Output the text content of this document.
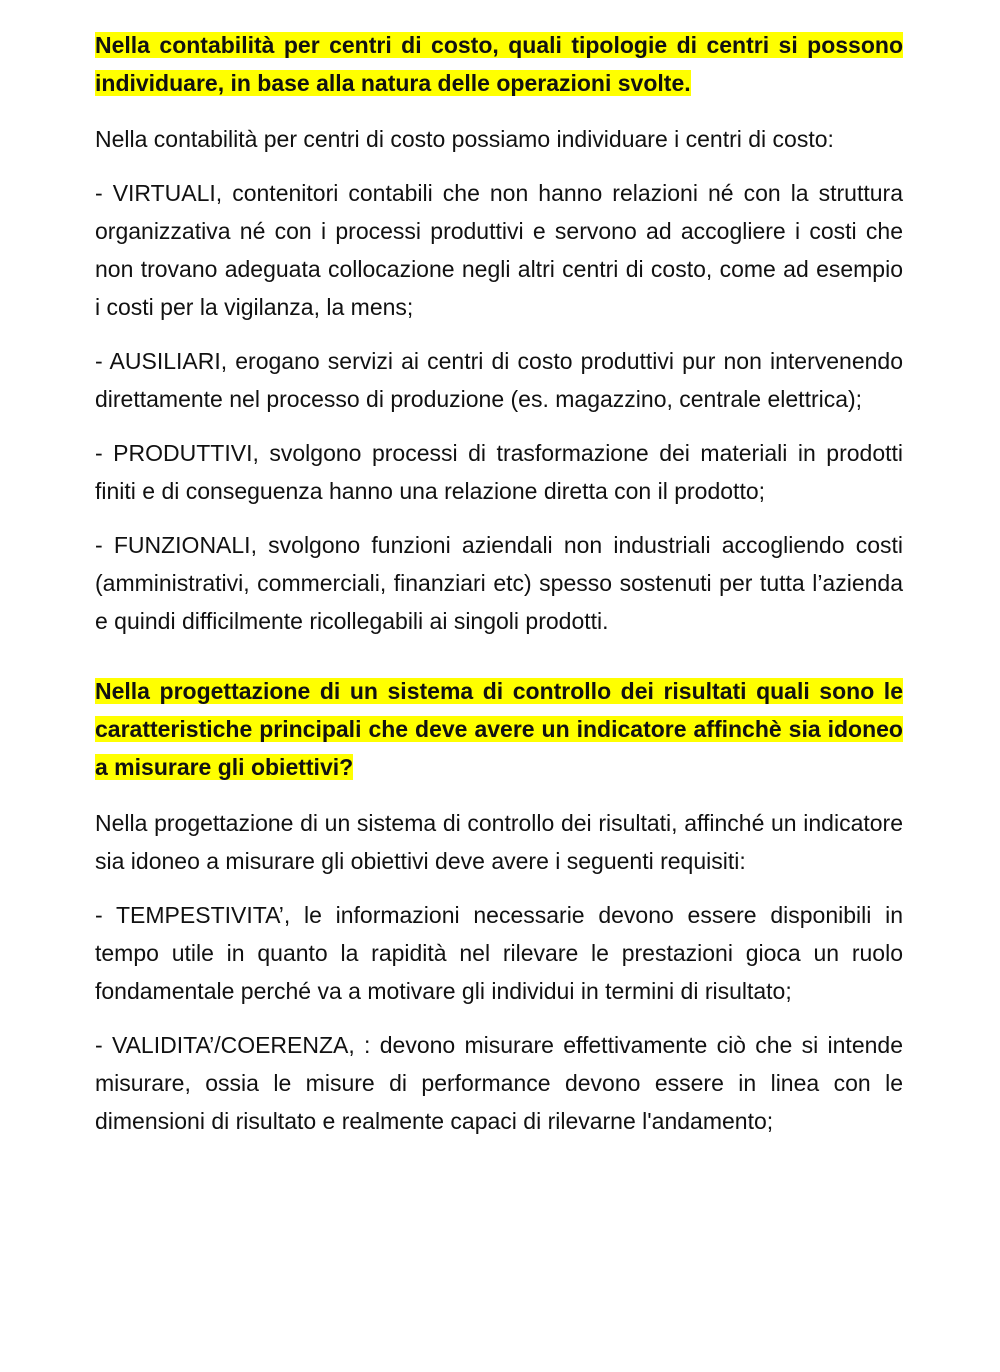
Nella contabilità per centri di costo, quali tipologie di centri si possono individuare, in base alla natura delle operazioni svolte.

Nella contabilità per centri di costo possiamo individuare i centri di costo:

- VIRTUALI, contenitori contabili che non hanno relazioni né con la struttura organizzativa né con i processi produttivi e servono ad accogliere i costi che non trovano adeguata collocazione negli altri centri di costo, come ad esempio i costi per la vigilanza, la mens;

- AUSILIARI, erogano servizi ai centri di costo produttivi pur non intervenendo direttamente nel processo di produzione (es. magazzino, centrale elettrica);

- PRODUTTIVI, svolgono processi di trasformazione dei materiali in prodotti finiti e di conseguenza hanno una relazione diretta con il prodotto;

- FUNZIONALI, svolgono funzioni aziendali non industriali accogliendo costi (amministrativi, commerciali, finanziari etc) spesso sostenuti per tutta l’azienda e quindi difficilmente ricollegabili ai singoli prodotti.

Nella progettazione di un sistema di controllo dei risultati quali sono le caratteristiche principali che deve avere un indicatore affinchè sia idoneo a misurare gli obiettivi?

Nella progettazione di un sistema di controllo dei risultati, affinché un indicatore sia idoneo a misurare gli obiettivi deve avere i seguenti requisiti:

- TEMPESTIVITA’, le informazioni necessarie devono essere disponibili in tempo utile in quanto la rapidità nel rilevare le prestazioni gioca un ruolo fondamentale perché va a motivare gli individui in termini di risultato;

- VALIDITA’/COERENZA, : devono misurare effettivamente ciò che si intende misurare, ossia le misure di performance devono essere in linea con le dimensioni di risultato e realmente capaci di rilevarne l'andamento;
